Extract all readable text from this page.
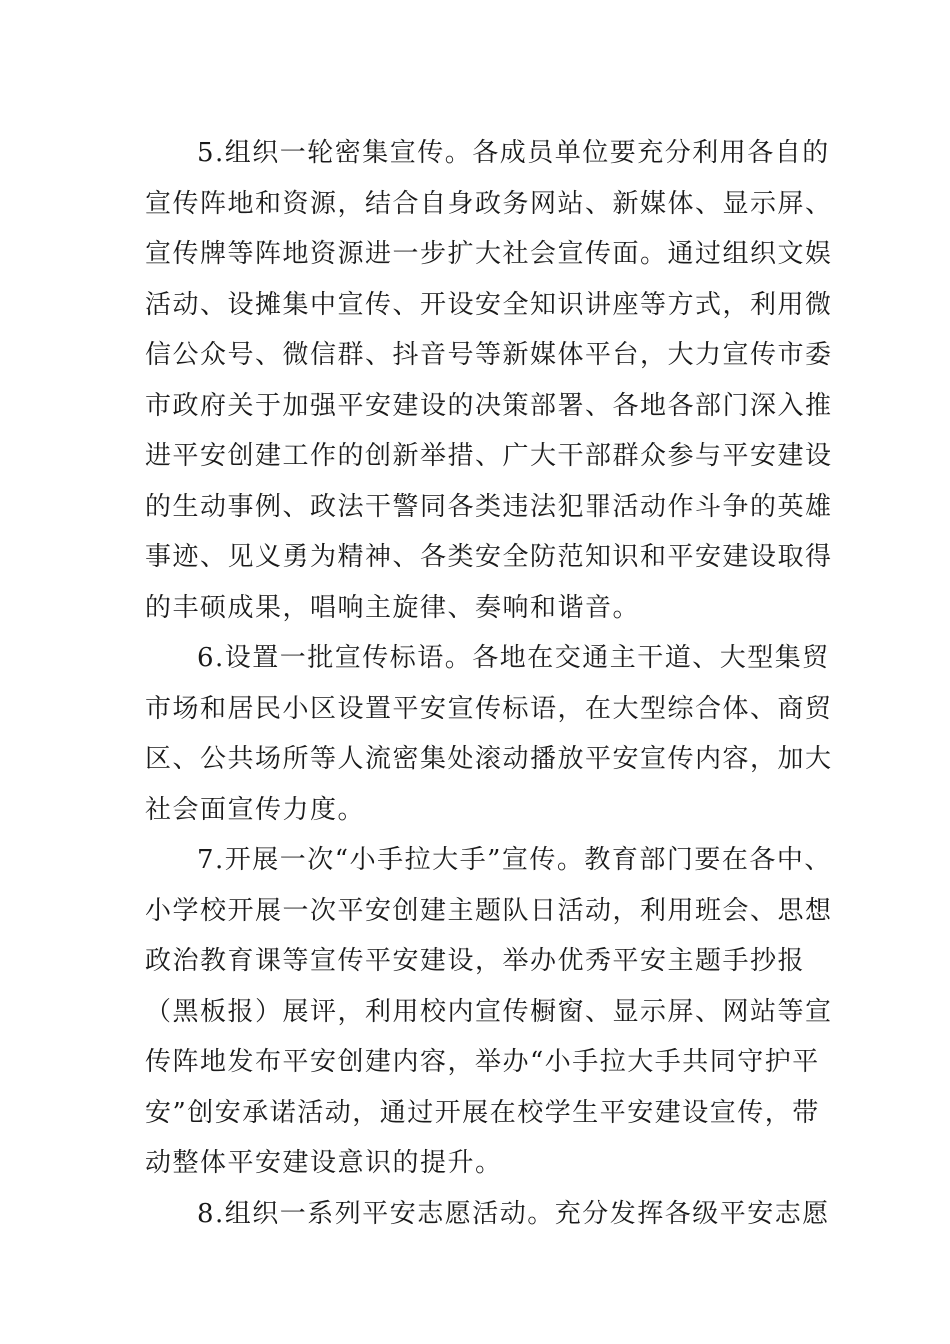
5.组织一轮密集宣传。各成员单位要充分利用各自的
宣传阵地和资源，结合自身政务网站、新媒体、显示屏、
宣传牌等阵地资源进一步扩大社会宣传面。通过组织文娱
活动、设摊集中宣传、开设安全知识讲座等方式，利用微
信公众号、微信群、抖音号等新媒体平台，大力宣传市委
市政府关于加强平安建设的决策部署、各地各部门深入推
进平安创建工作的创新举措、广大干部群众参与平安建设
的生动事例、政法干警同各类违法犯罪活动作斗争的英雄
事迹、见义勇为精神、各类安全防范知识和平安建设取得
的丰硕成果，唱响主旋律、奏响和谐音。
6.设置一批宣传标语。各地在交通主干道、大型集贸
市场和居民小区设置平安宣传标语，在大型综合体、商贸
区、公共场所等人流密集处滚动播放平安宣传内容，加大
社会面宣传力度。
7.开展一次“小手拉大手”宣传。教育部门要在各中、
小学校开展一次平安创建主题队日活动，利用班会、思想
政治教育课等宣传平安建设，举办优秀平安主题手抄报
（黑板报）展评，利用校内宣传橱窗、显示屏、网站等宣
传阵地发布平安创建内容，举办“小手拉大手共同守护平
安”创安承诺活动，通过开展在校学生平安建设宣传，带
动整体平安建设意识的提升。
8.组织一系列平安志愿活动。充分发挥各级平安志愿
